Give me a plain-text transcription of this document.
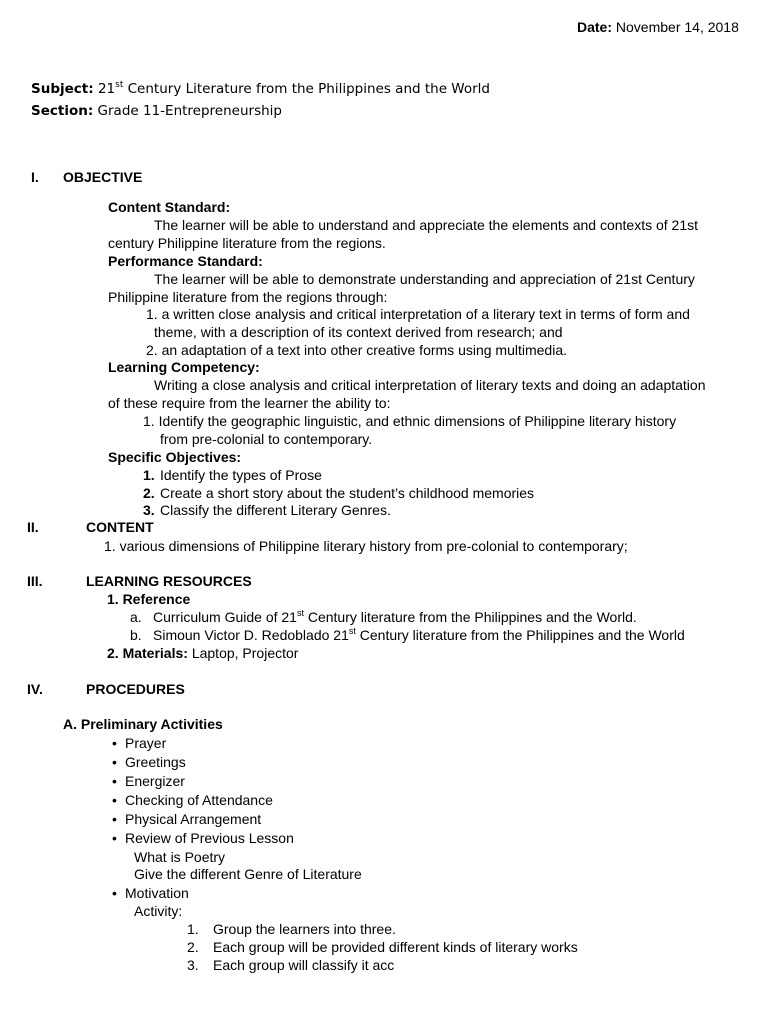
Date: November 14, 2018
Subject: 21st Century Literature from the Philippines and the World
Section: Grade 11-Entrepreneurship
I. OBJECTIVE
Content Standard:
The learner will be able to understand and appreciate the elements and contexts of 21st
century Philippine literature from the regions.
Performance Standard:
The learner will be able to demonstrate understanding and appreciation of 21st Century
Philippine literature from the regions through:
1. a written close analysis and critical interpretation of a literary text in terms of form and
theme, with a description of its context derived from research; and
2. an adaptation of a text into other creative forms using multimedia.
Learning Competency:
Writing a close analysis and critical interpretation of literary texts and doing an adaptation
of these require from the learner the ability to:
1. Identify the geographic linguistic, and ethnic dimensions of Philippine literary history
from pre-colonial to contemporary.
Specific Objectives:
1. Identify the types of Prose
2. Create a short story about the student’s childhood memories
3. Classify the different Literary Genres.
II.	CONTENT
1. various dimensions of Philippine literary history from pre-colonial to contemporary;
III.	LEARNING RESOURCES
1. Reference
a. Curriculum Guide of 21st Century literature from the Philippines and the World.
b. Simoun Victor D. Redoblado 21st Century literature from the Philippines and the World
2. Materials: Laptop, Projector
IV.	PROCEDURES
A. Preliminary Activities
• Prayer
• Greetings
• Energizer
• Checking of Attendance
• Physical Arrangement
• Review of Previous Lesson
What is Poetry
Give the different Genre of Literature
• Motivation
Activity:
1. Group the learners into three.
2. Each group will be provided different kinds of literary works
3. Each group will classify it acc
